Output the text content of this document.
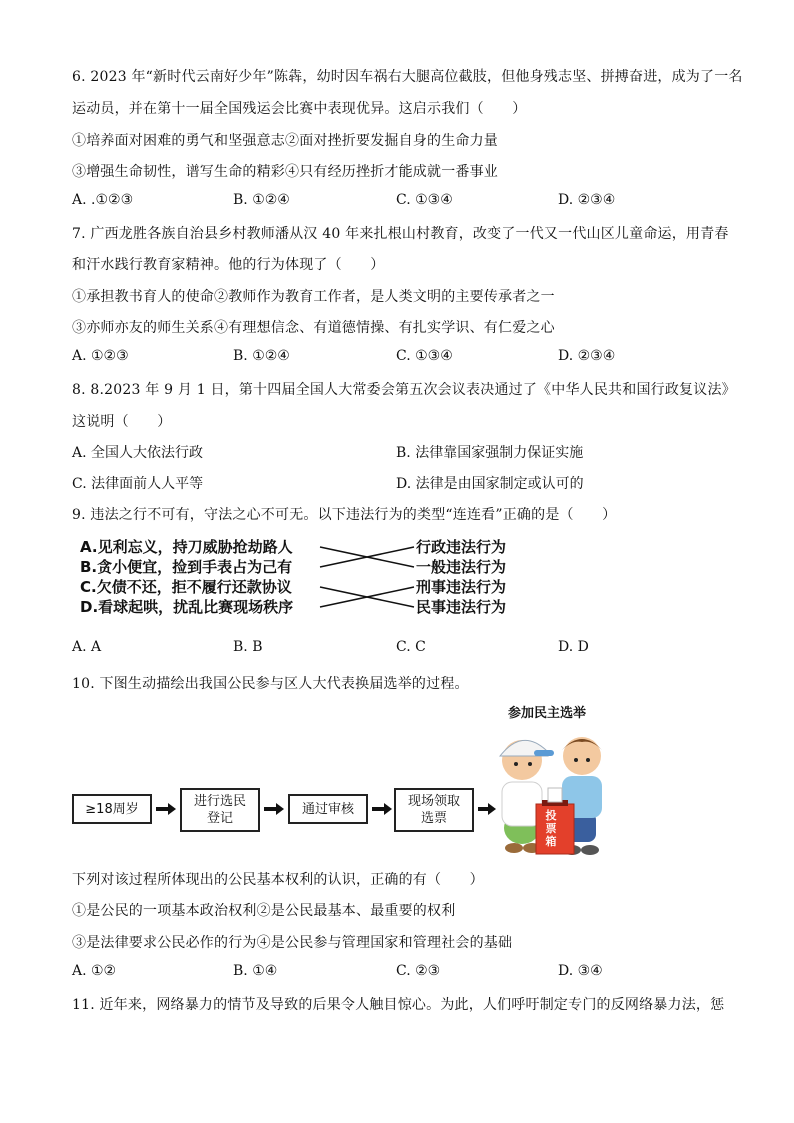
6. 2023 年“新时代云南好少年”陈犇，幼时因车祸右大腿高位截肢，但他身残志坚、拼搏奋进，成为了一名
运动员，并在第十一届全国残运会比赛中表现优异。这启示我们（　　）
①培养面对困难的勇气和坚强意志②面对挫折要发掘自身的生命力量
③增强生命韧性，谱写生命的精彩④只有经历挫折才能成就一番事业
A. .①②③	B. ①②④	C. ①③④	D. ②③④
7. 广西龙胜各族自治县乡村教师潘从汉 40 年来扎根山村教育，改变了一代又一代山区儿童命运，用青春
和汗水践行教育家精神。他的行为体现了（　　）
①承担教书育人的使命②教师作为教育工作者，是人类文明的主要传承者之一
③亦师亦友的师生关系④有理想信念、有道德情操、有扎实学识、有仁爱之心
A. ①②③	B. ①②④	C. ①③④	D. ②③④
8. 8.2023 年 9 月 1 日，第十四届全国人大常委会第五次会议表决通过了《中华人民共和国行政复议法》
这说明（　　）
A. 全国人大依法行政	B. 法律靠国家强制力保证实施
C. 法律面前人人平等	D. 法律是由国家制定或认可的
9. 违法之行不可有，守法之心不可无。以下违法行为的类型“连连看”正确的是（　　）
A.见利忘义，持刀威胁抢劫路人
B.贪小便宜，捡到手表占为己有
C.欠债不还，拒不履行还款协议
D.看球起哄，扰乱比赛现场秩序
行政违法行为
一般违法行为
刑事违法行为
民事违法行为
A. A	B. B	C. C	D. D
10. 下图生动描绘出我国公民参与区人大代表换届选举的过程。
≥18周岁	进行选民
登记
通过审核	现场领取
选票
参加民主选举
投
票
箱
下列对该过程所体现出的公民基本权利的认识，正确的有（　　）
①是公民的一项基本政治权利②是公民最基本、最重要的权利
③是法律要求公民必作的行为④是公民参与管理国家和管理社会的基础
A. ①②	B. ①④	C. ②③	D. ③④
11. 近年来，网络暴力的情节及导致的后果令人触目惊心。为此，人们呼吁制定专门的反网络暴力法，惩
